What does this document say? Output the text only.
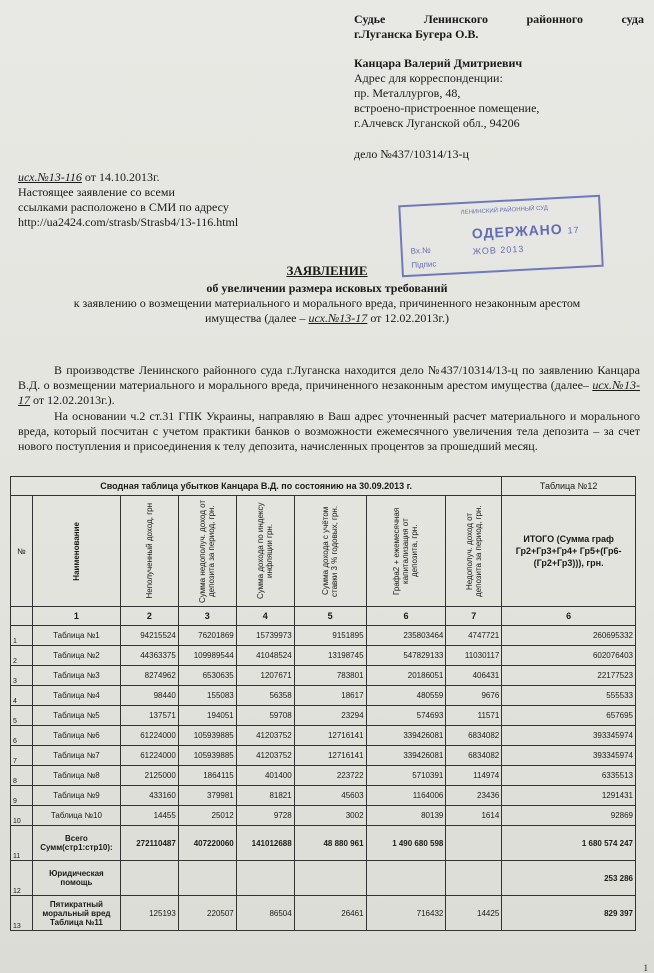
Судье	Ленинского	районного	суда
г.Луганска Бугера О.В.
Канцара Валерий Дмитриевич
Адрес для корреспонденции:
пр. Металлургов, 48,
встроено-пристроенное помещение,
г.Алчевск Луганской обл., 94206
дело №437/10314/13-ц
исх.№13-116 от 14.10.2013г.
Настоящее заявление со всеми
ссылками расположено в СМИ по адресу
http://ua2424.com/strasb/Strasb4/13-116.html
ЛЕНИНСКИЙ РАЙОННЫЙ СУД
ОДЕРЖАНО 17 ЖОВ 2013
Вх.№
Підпис
ЗАЯВЛЕНИЕ
об увеличении размера исковых требований
к заявлению о возмещении материального и морального вреда, причиненного незаконным арестом
имущества (далее – исх.№13-17 от 12.02.2013г.)
В производстве Ленинского районного суда г.Луганска находится дело №437/10314/13-ц по заявлению Канцара В.Д. о возмещении материального и морального вреда, причиненного незаконным арестом имущества (далее– исх.№13-17 от 12.02.2013г.).
На основании ч.2 ст.31 ГПК Украины, направляю в Ваш адрес уточненный расчет материального и морального вреда, который посчитан с учетом практики банков о возможности ежемесячного увеличения тела депозита – за счет нового поступления и присоединения к телу депозита, начисленных процентов за прошедший месяц.
Сводная таблица убытков Канцара В.Д. по состоянию на 30.09.2013 г.								Таблица №12
№	Наименование	Неполученный доход, грн	Сумма недополуч. доход от депозита за период, грн.	Сумма дохода по индексу инфляции грн.	Сумма дохода с учётом ставки 3 % годовых, грн.	Графа2 + ежемесячная капитализация от депозита, грн.	Недополуч. доход от депозита за период, грн.	ИТОГО (Сумма граф Гр2+Гр3+Гр4+ Гр5+(Гр6- (Гр2+Гр3))), грн.
	1	2	3	4	5	6	7	6
1	Таблица №1	94215524	76201869	15739973	9151895	235803464	4747721	260695332
2	Таблица №2	44363375	109989544	41048524	13198745	547829133	11030117	602076403
3	Таблица №3	8274962	6530635	1207671	783801	20186051	406431	22177523
4	Таблица №4	98440	155083	56358	18617	480559	9676	555533
5	Таблица №5	137571	194051	59708	23294	574693	11571	657695
6	Таблица №6	61224000	105939885	41203752	12716141	339426081	6834082	393345974
7	Таблица №7	61224000	105939885	41203752	12716141	339426081	6834082	393345974
8	Таблица №8	2125000	1864115	401400	223722	5710391	114974	6335513
9	Таблица №9	433160	379981	81821	45603	1164006	23436	1291431
10	Таблица №10	14455	25012	9728	3002	80139	1614	92869
11	Всего Сумм(стр1:стр10):	272110487	407220060	141012688	48 880 961	1 490 680 598		1 680 574 247
12	Юридическая помощь							253 286
13	Пятикратный моральный вред Таблица №11	125193	220507	86504	26461	716432	14425	829 397
1
